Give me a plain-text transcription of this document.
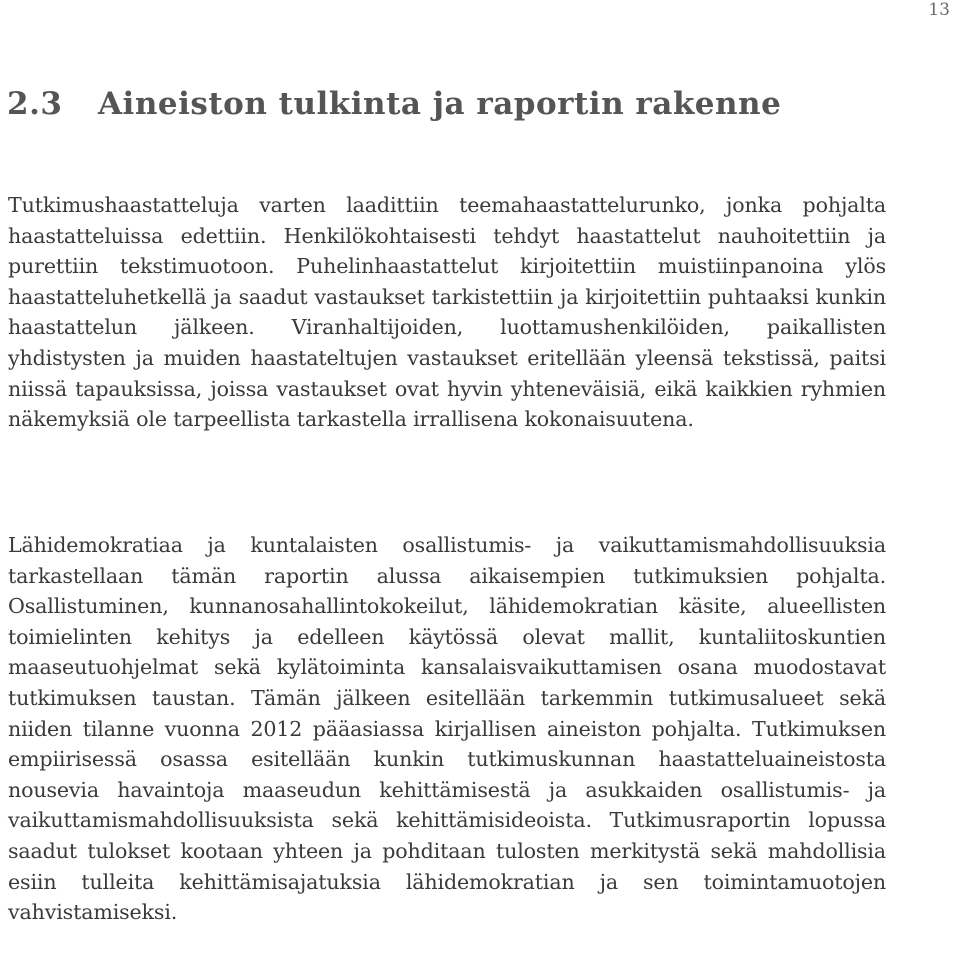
13
2.3 Aineiston tulkinta ja raportin rakenne

Tutkimushaastatteluja varten laadittiin teemahaastattelurunko, jonka pohjalta haastatteluissa edettiin. Henkilökohtaisesti tehdyt haastattelut nauhoitettiin ja purettiin tekstimuotoon. Puhelinhaastattelut kirjoitettiin muistiinpanoina ylös haastatteluhetkellä ja saadut vastaukset tarkistettiin ja kirjoitettiin puhtaaksi kunkin haastattelun jälkeen. Viranhaltijoiden, luottamushenkilöiden, paikallisten yhdistysten ja muiden haastateltujen vastaukset eritellään yleensä tekstissä, paitsi niissä tapauksissa, joissa vastaukset ovat hyvin yhteneväisiä, eikä kaikkien ryhmien näkemyksiä ole tarpeellista tarkastella irrallisena kokonaisuutena.

Lähidemokratiaa ja kuntalaisten osallistumis- ja vaikuttamismahdollisuuksia tarkastellaan tämän raportin alussa aikaisempien tutkimuksien pohjalta. Osallistuminen, kunnanosahallintokokeilut, lähidemokratian käsite, alueellisten toimielinten kehitys ja edelleen käytössä olevat mallit, kuntaliitoskuntien maaseutuohjelmat sekä kylätoiminta kansalaisvaikuttamisen osana muodostavat tutkimuksen taustan. Tämän jälkeen esitellään tarkemmin tutkimusalueet sekä niiden tilanne vuonna 2012 pääasiassa kirjallisen aineiston pohjalta. Tutkimuksen empiirisessä osassa esitellään kunkin tutkimuskunnan haastatteluaineistosta nousevia havaintoja maaseudun kehittämisestä ja asukkaiden osallistumis- ja vaikuttamismahdollisuuksista sekä kehittämisideoista. Tutkimusraportin lopussa saadut tulokset kootaan yhteen ja pohditaan tulosten merkitystä sekä mahdollisia esiin tulleita kehittämisajatuksia lähidemokratian ja sen toimintamuotojen vahvistamiseksi.
